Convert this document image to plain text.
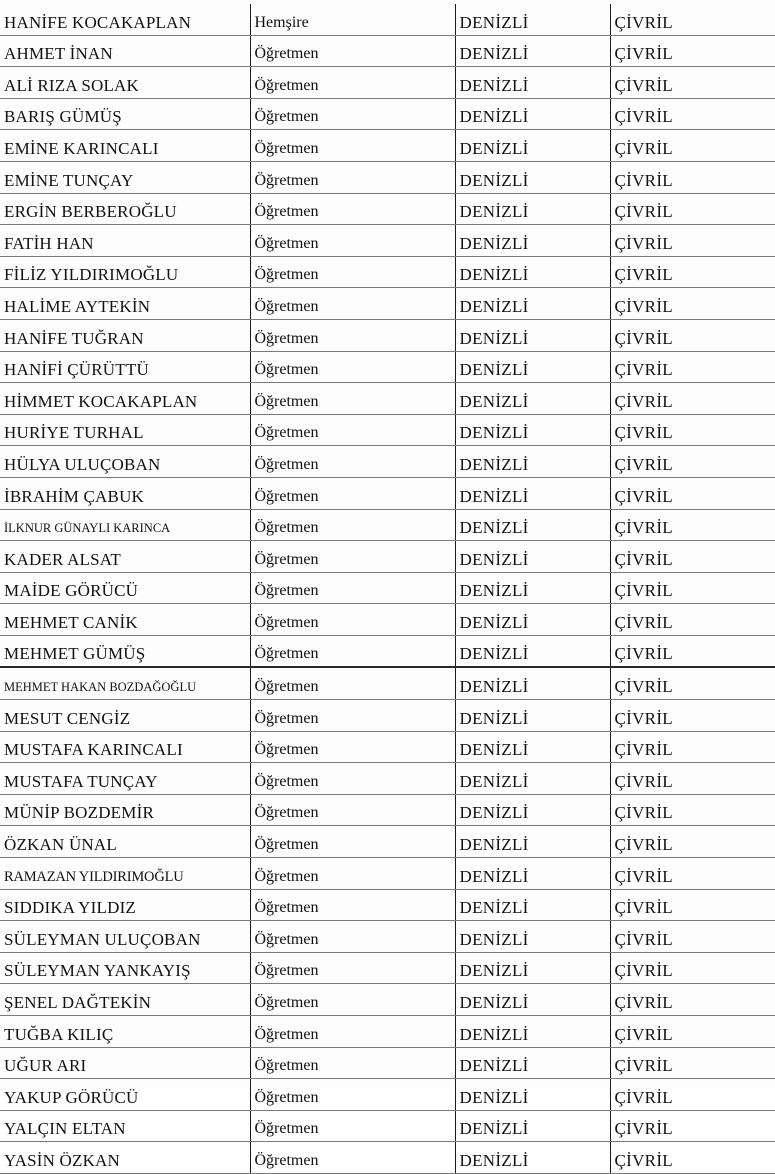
HANİFE KOCAKAPLAN	Hemşire	DENİZLİ	ÇİVRİL
AHMET İNAN	Öğretmen	DENİZLİ	ÇİVRİL
ALİ RIZA SOLAK	Öğretmen	DENİZLİ	ÇİVRİL
BARIŞ GÜMÜŞ	Öğretmen	DENİZLİ	ÇİVRİL
EMİNE KARINCALI	Öğretmen	DENİZLİ	ÇİVRİL
EMİNE TUNÇAY	Öğretmen	DENİZLİ	ÇİVRİL
ERGİN BERBEROĞLU	Öğretmen	DENİZLİ	ÇİVRİL
FATİH HAN	Öğretmen	DENİZLİ	ÇİVRİL
FİLİZ YILDIRIMOĞLU	Öğretmen	DENİZLİ	ÇİVRİL
HALİME AYTEKİN	Öğretmen	DENİZLİ	ÇİVRİL
HANİFE TUĞRAN	Öğretmen	DENİZLİ	ÇİVRİL
HANİFİ ÇÜRÜTTÜ	Öğretmen	DENİZLİ	ÇİVRİL
HİMMET KOCAKAPLAN	Öğretmen	DENİZLİ	ÇİVRİL
HURİYE TURHAL	Öğretmen	DENİZLİ	ÇİVRİL
HÜLYA ULUÇOBAN	Öğretmen	DENİZLİ	ÇİVRİL
İBRAHİM ÇABUK	Öğretmen	DENİZLİ	ÇİVRİL
İLKNUR GÜNAYLI KARINCA	Öğretmen	DENİZLİ	ÇİVRİL
KADER ALSAT	Öğretmen	DENİZLİ	ÇİVRİL
MAİDE GÖRÜCÜ	Öğretmen	DENİZLİ	ÇİVRİL
MEHMET CANİK	Öğretmen	DENİZLİ	ÇİVRİL
MEHMET GÜMÜŞ	Öğretmen	DENİZLİ	ÇİVRİL
MEHMET HAKAN BOZDAĞOĞLU	Öğretmen	DENİZLİ	ÇİVRİL
MESUT CENGİZ	Öğretmen	DENİZLİ	ÇİVRİL
MUSTAFA KARINCALI	Öğretmen	DENİZLİ	ÇİVRİL
MUSTAFA TUNÇAY	Öğretmen	DENİZLİ	ÇİVRİL
MÜNİP BOZDEMİR	Öğretmen	DENİZLİ	ÇİVRİL
ÖZKAN ÜNAL	Öğretmen	DENİZLİ	ÇİVRİL
RAMAZAN YILDIRIMOĞLU	Öğretmen	DENİZLİ	ÇİVRİL
SIDDIKA YILDIZ	Öğretmen	DENİZLİ	ÇİVRİL
SÜLEYMAN ULUÇOBAN	Öğretmen	DENİZLİ	ÇİVRİL
SÜLEYMAN YANKAYIŞ	Öğretmen	DENİZLİ	ÇİVRİL
ŞENEL DAĞTEKİN	Öğretmen	DENİZLİ	ÇİVRİL
TUĞBA KILIÇ	Öğretmen	DENİZLİ	ÇİVRİL
UĞUR ARI	Öğretmen	DENİZLİ	ÇİVRİL
YAKUP GÖRÜCÜ	Öğretmen	DENİZLİ	ÇİVRİL
YALÇIN ELTAN	Öğretmen	DENİZLİ	ÇİVRİL
YASİN ÖZKAN	Öğretmen	DENİZLİ	ÇİVRİL
